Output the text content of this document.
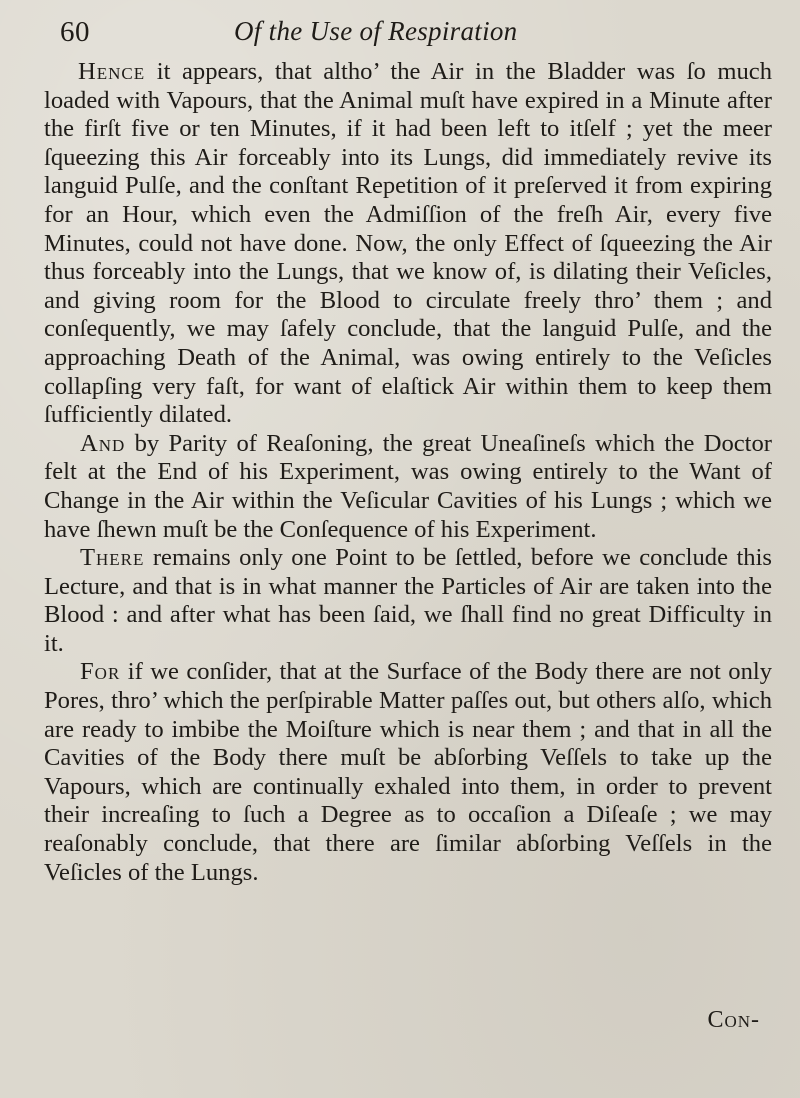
60	Of the Use of Respiration

Hence it appears, that altho’ the Air in the Bladder was ſo much loaded with Vapours, that the Animal muſt have expired in a Minute after the firſt five or ten Minutes, if it had been left to itſelf ; yet the meer ſqueezing this Air forceably into its Lungs, did immediately revive its languid Pulſe, and the conſtant Repetition of it preſerved it from expiring for an Hour, which even the Admiſſion of the freſh Air, every five Minutes, could not have done. Now, the only Effect of ſqueezing the Air thus forceably into the Lungs, that we know of, is dilating their Veſicles, and giving room for the Blood to circulate freely thro’ them ; and conſequently, we may ſafely conclude, that the languid Pulſe, and the approaching Death of the Animal, was owing entirely to the Veſicles collapſing very faſt, for want of elaſtick Air within them to keep them ſufficiently dilated.

And by Parity of Reaſoning, the great Uneaſineſs which the Doctor felt at the End of his Experiment, was owing entirely to the Want of Change in the Air within the Veſicular Cavities of his Lungs ; which we have ſhewn muſt be the Conſequence of his Experiment.

There remains only one Point to be ſettled, before we conclude this Lecture, and that is in what manner the Particles of Air are taken into the Blood : and after what has been ſaid, we ſhall find no great Difficulty in it.

For if we conſider, that at the Surface of the Body there are not only Pores, thro’ which the perſpirable Matter paſſes out, but others alſo, which are ready to imbibe the Moiſture which is near them ; and that in all the Cavities of the Body there muſt be abſorbing Veſſels to take up the Vapours, which are continually exhaled into them, in order to prevent their increaſing to ſuch a Degree as to occaſion a Diſeaſe ; we may reaſonably conclude, that there are ſimilar abſorbing Veſſels in the Veſicles of the Lungs.

Con-
